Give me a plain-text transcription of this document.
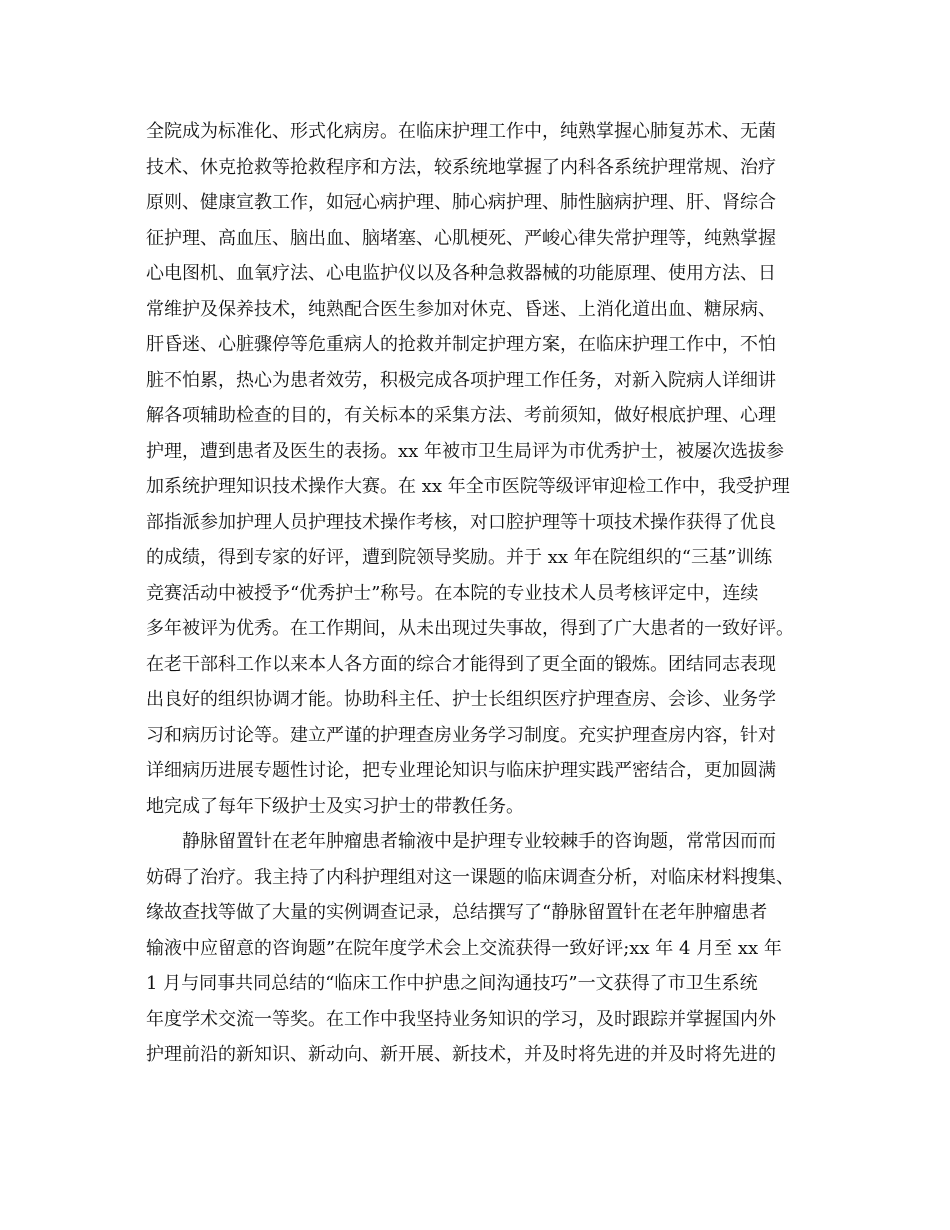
全院成为标准化、形式化病房。在临床护理工作中，纯熟掌握心肺复苏术、无菌
技术、休克抢救等抢救程序和方法，较系统地掌握了内科各系统护理常规、治疗
原则、健康宣教工作，如冠心病护理、肺心病护理、肺性脑病护理、肝、肾综合
征护理、高血压、脑出血、脑堵塞、心肌梗死、严峻心律失常护理等，纯熟掌握
心电图机、血氧疗法、心电监护仪以及各种急救器械的功能原理、使用方法、日
常维护及保养技术，纯熟配合医生参加对休克、昏迷、上消化道出血、糖尿病、
肝昏迷、心脏骤停等危重病人的抢救并制定护理方案，在临床护理工作中，不怕
脏不怕累，热心为患者效劳，积极完成各项护理工作任务，对新入院病人详细讲
解各项辅助检查的目的，有关标本的采集方法、考前须知，做好根底护理、心理
护理，遭到患者及医生的表扬。xx 年被市卫生局评为市优秀护士，被屡次选拔参
加系统护理知识技术操作大赛。在 xx 年全市医院等级评审迎检工作中，我受护理
部指派参加护理人员护理技术操作考核，对口腔护理等十项技术操作获得了优良
的成绩，得到专家的好评，遭到院领导奖励。并于 xx 年在院组织的“三基”训练
竞赛活动中被授予“优秀护士”称号。在本院的专业技术人员考核评定中，连续
多年被评为优秀。在工作期间，从未出现过失事故，得到了广大患者的一致好评。
在老干部科工作以来本人各方面的综合才能得到了更全面的锻炼。团结同志表现
出良好的组织协调才能。协助科主任、护士长组织医疗护理查房、会诊、业务学
习和病历讨论等。建立严谨的护理查房业务学习制度。充实护理查房内容，针对
详细病历进展专题性讨论，把专业理论知识与临床护理实践严密结合，更加圆满
地完成了每年下级护士及实习护士的带教任务。
静脉留置针在老年肿瘤患者输液中是护理专业较棘手的咨询题，常常因而而
妨碍了治疗。我主持了内科护理组对这一课题的临床调查分析，对临床材料搜集、
缘故查找等做了大量的实例调查记录，总结撰写了“静脉留置针在老年肿瘤患者
输液中应留意的咨询题”在院年度学术会上交流获得一致好评;xx 年 4 月至 xx 年
1 月与同事共同总结的“临床工作中护患之间沟通技巧”一文获得了市卫生系统
年度学术交流一等奖。在工作中我坚持业务知识的学习，及时跟踪并掌握国内外
护理前沿的新知识、新动向、新开展、新技术，并及时将先进的并及时将先进的
